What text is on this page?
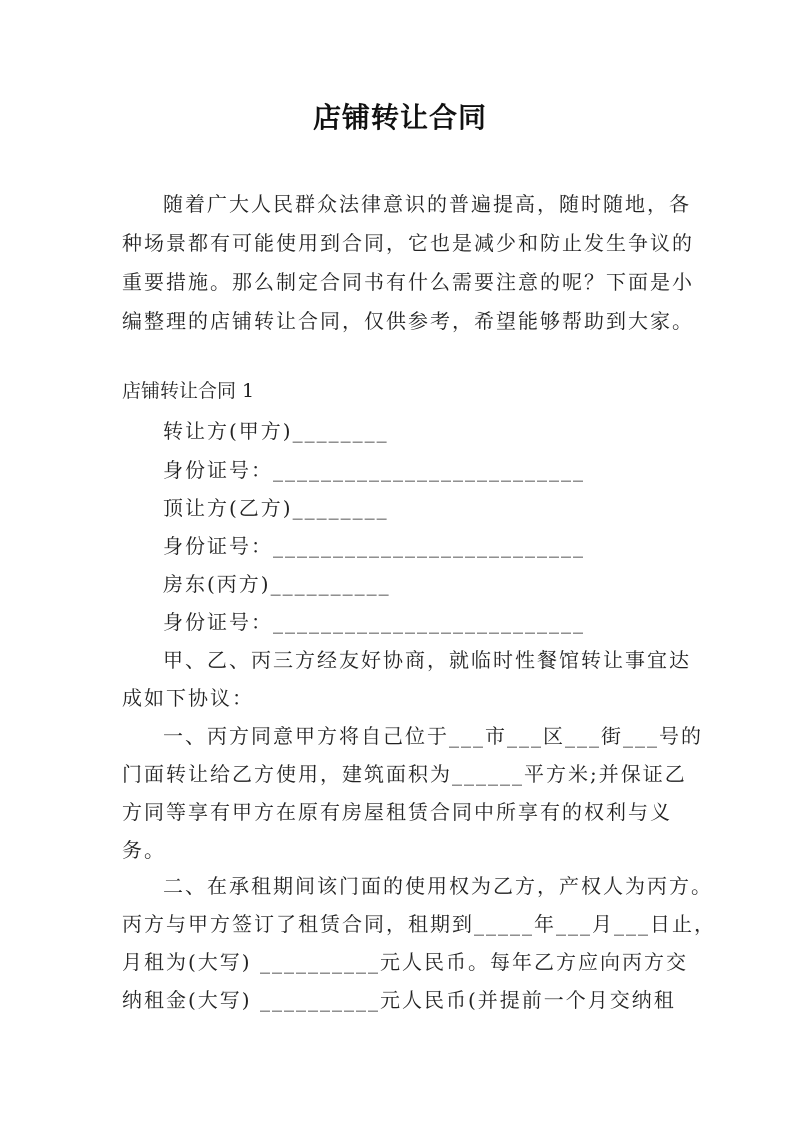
店铺转让合同
随着广大人民群众法律意识的普遍提高，随时随地，各
种场景都有可能使用到合同，它也是减少和防止发生争议的
重要措施。那么制定合同书有什么需要注意的呢？下面是小
编整理的店铺转让合同，仅供参考，希望能够帮助到大家。
店铺转让合同 1
转让方(甲方)________
身份证号：__________________________
顶让方(乙方)________
身份证号：__________________________
房东(丙方)__________
身份证号：__________________________
甲、乙、丙三方经友好协商，就临时性餐馆转让事宜达
成如下协议：
一、丙方同意甲方将自己位于___市___区___街___号的
门面转让给乙方使用，建筑面积为______平方米;并保证乙
方同等享有甲方在原有房屋租赁合同中所享有的权利与义
务。
二、在承租期间该门面的使用权为乙方，产权人为丙方。
丙方与甲方签订了租赁合同，租期到_____年___月___日止，
月租为(大写) __________元人民币。每年乙方应向丙方交
纳租金(大写) __________元人民币(并提前一个月交纳租
